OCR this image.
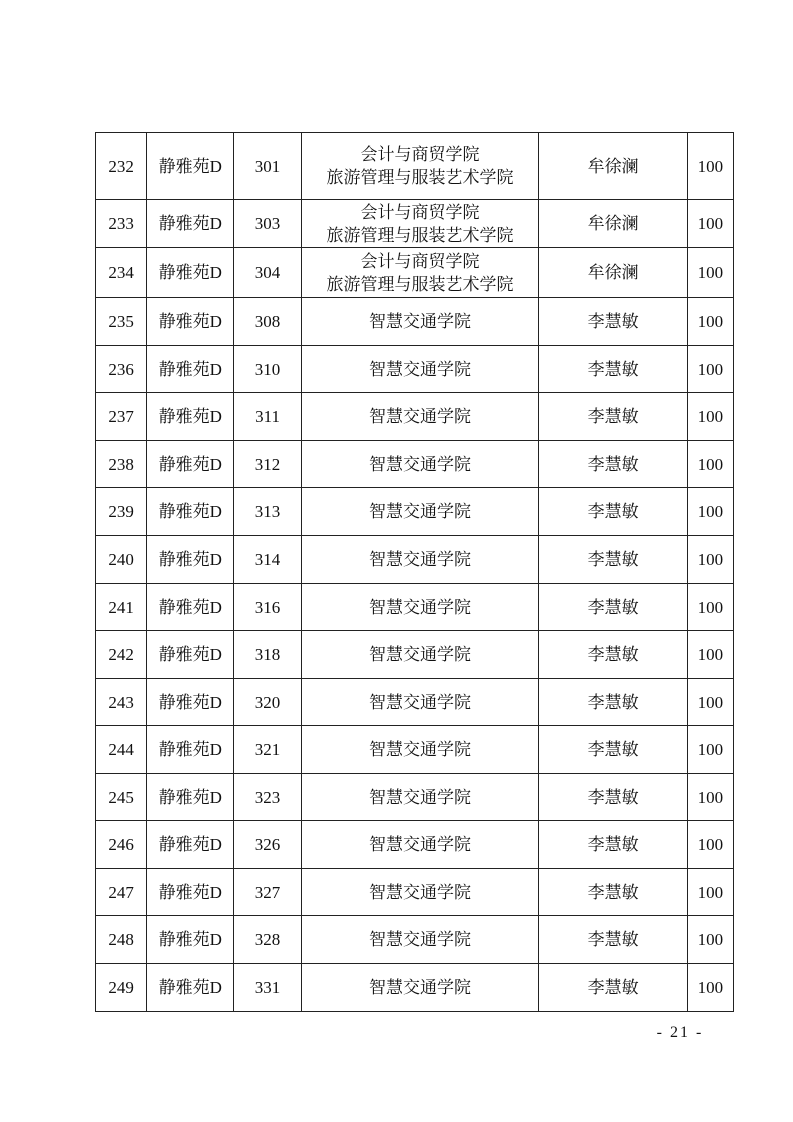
232	静雅苑D	301	会计与商贸学院
旅游管理与服装艺术学院	牟徐澜	100
233	静雅苑D	303	会计与商贸学院
旅游管理与服装艺术学院	牟徐澜	100
234	静雅苑D	304	会计与商贸学院
旅游管理与服装艺术学院	牟徐澜	100
235	静雅苑D	308	智慧交通学院	李慧敏	100
236	静雅苑D	310	智慧交通学院	李慧敏	100
237	静雅苑D	311	智慧交通学院	李慧敏	100
238	静雅苑D	312	智慧交通学院	李慧敏	100
239	静雅苑D	313	智慧交通学院	李慧敏	100
240	静雅苑D	314	智慧交通学院	李慧敏	100
241	静雅苑D	316	智慧交通学院	李慧敏	100
242	静雅苑D	318	智慧交通学院	李慧敏	100
243	静雅苑D	320	智慧交通学院	李慧敏	100
244	静雅苑D	321	智慧交通学院	李慧敏	100
245	静雅苑D	323	智慧交通学院	李慧敏	100
246	静雅苑D	326	智慧交通学院	李慧敏	100
247	静雅苑D	327	智慧交通学院	李慧敏	100
248	静雅苑D	328	智慧交通学院	李慧敏	100
249	静雅苑D	331	智慧交通学院	李慧敏	100
- 21 -
